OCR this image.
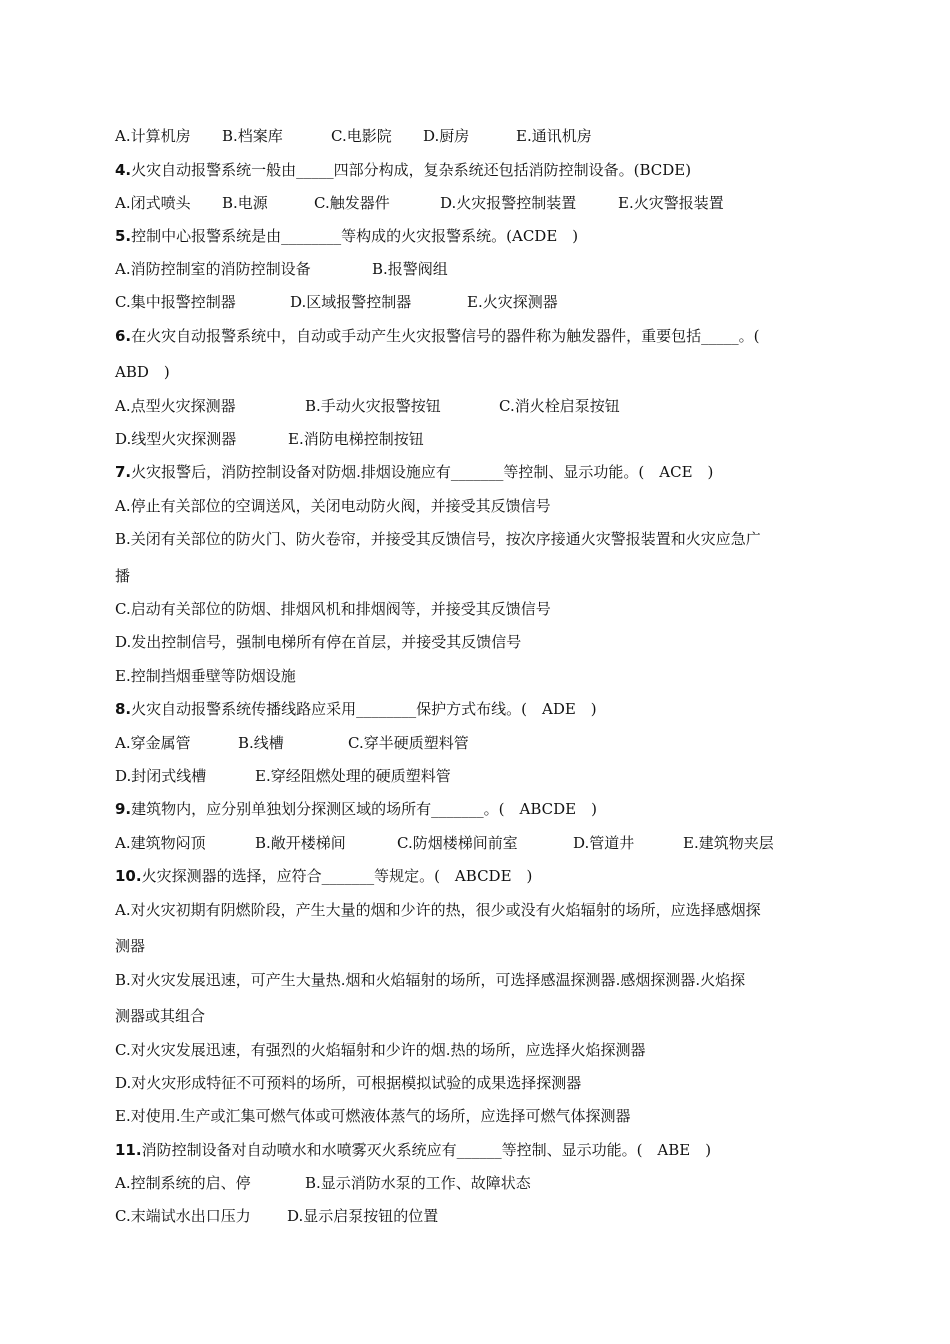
A.计算机房 B.档案库	C.电影院 D.厨房	E.通讯机房
4.火灾自动报警系统一般由_____四部分构成，复杂系统还包括消防控制设备。(BCDE)
A.闭式喷头 B.电源	C.触发器件	D.火灾报警控制装置	E.火灾警报装置
5.控制中心报警系统是由________等构成的火灾报警系统。(ACDE　)
A.消防控制室的消防控制设备	B.报警阀组
C.集中报警控制器	D.区域报警控制器	E.火灾探测器
6.在火灾自动报警系统中，自动或手动产生火灾报警信号的器件称为触发器件，重要包括_____。(
ABD　)
A.点型火灾探测器	B.手动火灾报警按钮	C.消火栓启泵按钮
D.线型火灾探测器	E.消防电梯控制按钮
7.火灾报警后，消防控制设备对防烟.排烟设施应有_______等控制、显示功能。(　ACE　)
A.停止有关部位的空调送风，关闭电动防火阀，并接受其反馈信号
B.关闭有关部位的防火门、防火卷帘，并接受其反馈信号，按次序接通火灾警报装置和火灾应急广
播
C.启动有关部位的防烟、排烟风机和排烟阀等，并接受其反馈信号
D.发出控制信号，强制电梯所有停在首层，并接受其反馈信号
E.控制挡烟垂壁等防烟设施
8.火灾自动报警系统传播线路应采用________保护方式布线。(　ADE　)
A.穿金属管	B.线槽	C.穿半硬质塑料管
D.封闭式线槽	E.穿经阻燃处理的硬质塑料管
9.建筑物内，应分别单独划分探测区域的场所有_______。(　ABCDE　)
A.建筑物闷顶	B.敞开楼梯间	C.防烟楼梯间前室	D.管道井	E.建筑物夹层
10.火灾探测器的选择，应符合_______等规定。(　ABCDE　)
A.对火灾初期有阴燃阶段，产生大量的烟和少许的热，很少或没有火焰辐射的场所，应选择感烟探
测器
B.对火灾发展迅速，可产生大量热.烟和火焰辐射的场所，可选择感温探测器.感烟探测器.火焰探
测器或其组合
C.对火灾发展迅速，有强烈的火焰辐射和少许的烟.热的场所，应选择火焰探测器
D.对火灾形成特征不可预料的场所，可根据模拟试验的成果选择探测器
E.对使用.生产或汇集可燃气体或可燃液体蒸气的场所，应选择可燃气体探测器
11.消防控制设备对自动喷水和水喷雾灭火系统应有______等控制、显示功能。(　ABE　)
A.控制系统的启、停	B.显示消防水泵的工作、故障状态
C.末端试水出口压力 D.显示启泵按钮的位置
